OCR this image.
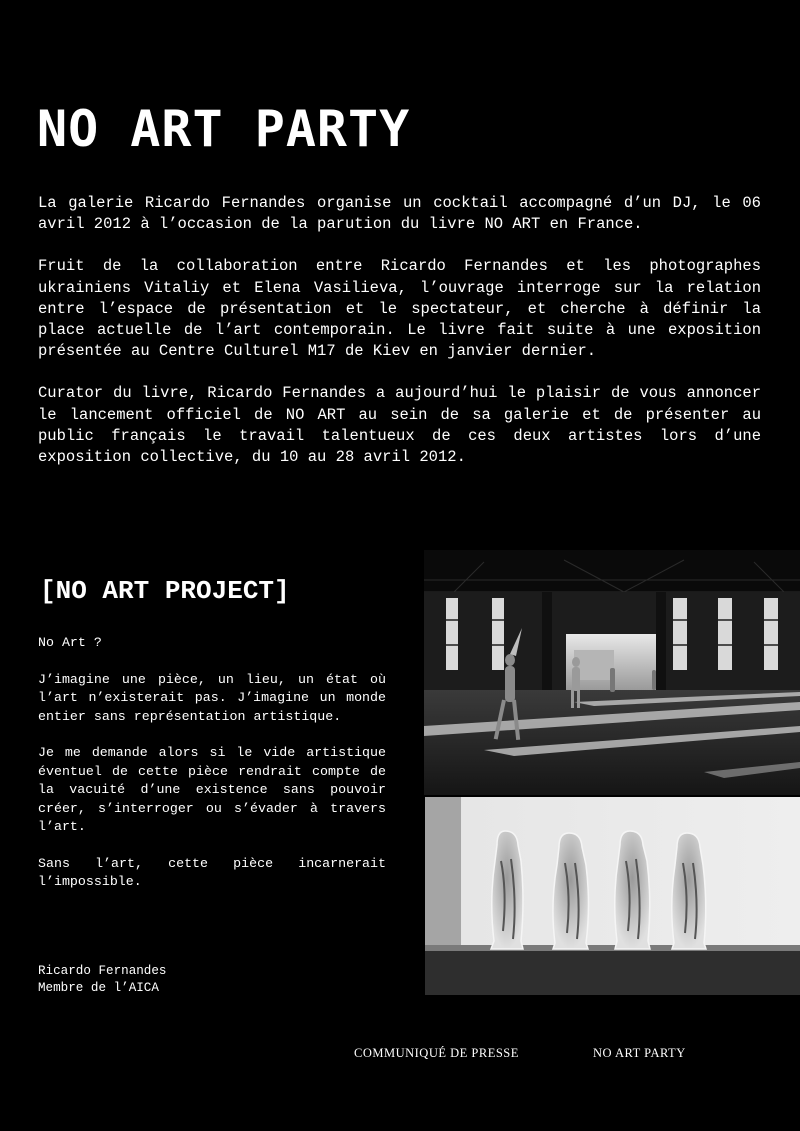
NO ART PARTY

La galerie Ricardo Fernandes organise un cocktail accompagné d’un DJ, le 06 avril 2012 à l’occasion de la parution du livre NO ART en France.

Fruit de la collaboration entre Ricardo Fernandes et les photographes ukrainiens Vitaliy et Elena Vasilieva, l’ouvrage interroge sur la relation entre l’espace de présentation et le spectateur, et cherche à définir la place actuelle de l’art contemporain. Le livre fait suite à une exposition présentée au Centre Culturel M17 de Kiev en janvier dernier.

Curator du livre, Ricardo Fernandes a aujourd’hui le plaisir de vous annoncer le lancement officiel de NO ART au sein de sa galerie et de présenter au public français le travail talentueux de ces deux artistes lors d’une exposition collective, du 10 au 28 avril 2012.

[NO ART PROJECT]

No Art ?

J’imagine une pièce, un lieu, un état où l’art n’existerait pas. J’imagine un monde entier sans représentation artistique.

Je me demande alors si le vide artistique éventuel de cette pièce rendrait compte de la vacuité d’une existence sans pouvoir créer, s’interroger ou s’évader à travers l’art.

Sans l’art, cette pièce incarnerait l’impossible.

Ricardo Fernandes
Membre de l’AICA
COMMUNIQUÉ DE PRESSE	NO ART PARTY
